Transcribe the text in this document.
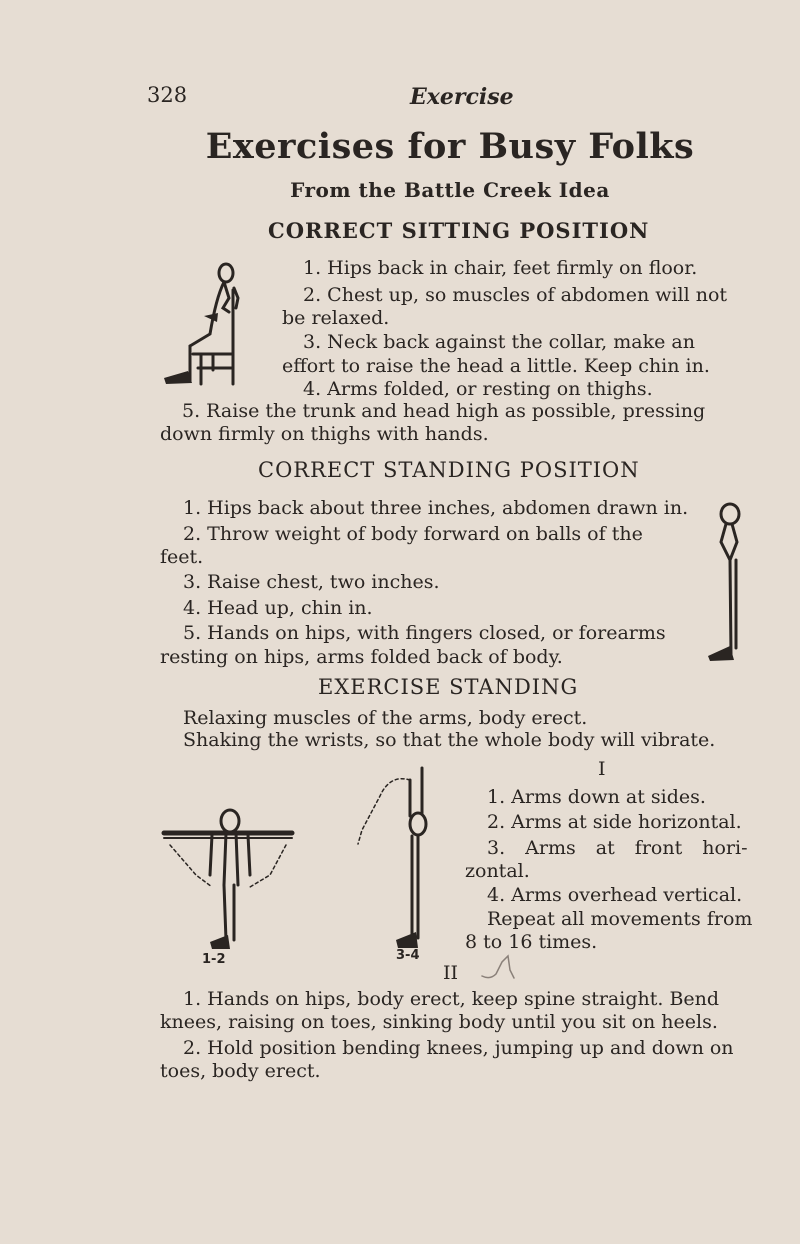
328	Exercise

Exercises for Busy Folks

From the Battle Creek Idea

CORRECT SITTING POSITION

1. Hips back in chair, feet firmly on floor.

2. Chest up, so muscles of abdomen will not

be relaxed.

3. Neck back against the collar, make an

effort to raise the head a little. Keep chin in.

4. Arms folded, or resting on thighs.

5. Raise the trunk and head high as possible, pressing

down firmly on thighs with hands.

CORRECT STANDING POSITION

1. Hips back about three inches, abdomen drawn in.

2. Throw weight of body forward on balls of the

feet.

3. Raise chest, two inches.

4. Head up, chin in.

5. Hands on hips, with fingers closed, or forearms

resting on hips, arms folded back of body.

EXERCISE STANDING

Relaxing muscles of the arms, body erect.

Shaking the wrists, so that the whole body will vibrate.

I

1. Arms down at sides.

2. Arms at side horizontal.

3. Arms at front hori-

zontal.

4. Arms overhead vertical.

Repeat all movements from

8 to 16 times.

1-2	3-4

II

1. Hands on hips, body erect, keep spine straight. Bend

knees, raising on toes, sinking body until you sit on heels.

2. Hold position bending knees, jumping up and down on

toes, body erect.
